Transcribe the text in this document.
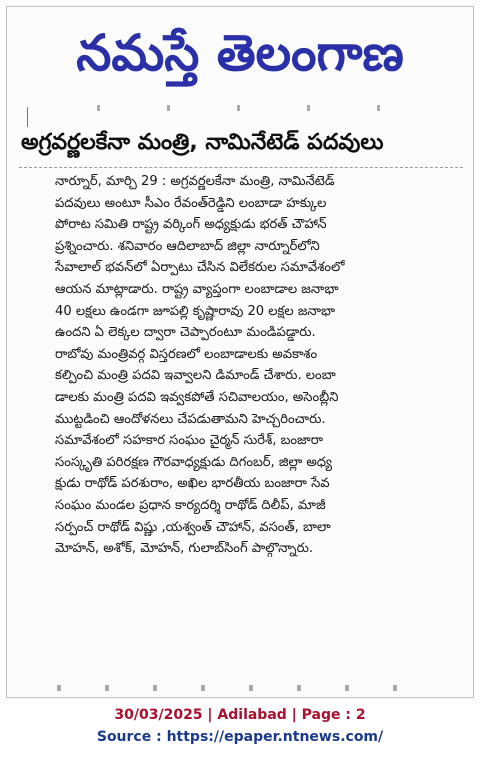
నమస్తే తెలంగాణ
అగ్రవర్ణలకేనా మంత్రి, నామినేటెడ్ పదవులు
నార్నూర్, మార్చి 29 : అగ్రవర్ణలకేనా మంత్రి, నామినేటెడ్
పదవులు అంటూ సీఎం రేవంత్‌రెడ్డిని లంబాడా హక్కుల
పోరాట సమితి రాష్ట్ర వర్కింగ్ అధ్యక్షుడు భరత్ చౌహాన్
ప్రశ్నించారు. శనివారం ఆదిలాబాద్ జిల్లా నార్నూర్‌లోని
సేవాలాల్ భవన్‌లో ఏర్పాటు చేసిన విలేకరుల సమావేశంలో
ఆయన మాట్లాడారు. రాష్ట్ర వ్యాప్తంగా లంబాడాల జనాభా
40 లక్షలు ఉండగా జూపల్లి కృష్ణారావు 20 లక్షల జనాభా
ఉందని ఏ లెక్కల ద్వారా చెప్పారంటూ మండిపడ్డారు.
రాబోవు మంత్రివర్గ విస్తరణలో లంబాడాలకు అవకాశం
కల్పించి మంత్రి పదవి ఇవ్వాలని డిమాండ్ చేశారు. లంబా
డాలకు మంత్రి పదవి ఇవ్వకపోతే సచివాలయం, అసెంబ్లీని
ముట్టడించి ఆందోళనలు చేపడుతామని హెచ్చరించారు.
సమావేశంలో సహకార సంఘం చైర్మన్ సురేశ్, బంజారా
సంస్కృతి పరిరక్షణ గౌరవాధ్యక్షుడు దిగంబర్, జిల్లా అధ్య
క్షుడు రాథోడ్ పరశురాం, అఖిల భారతీయ బంజారా సేవ
సంఘం మండల ప్రధాన కార్యదర్శి రాథోడ్ దిలీప్, మాజీ
సర్పంచ్ రాథోడ్ విష్ణు ,యశ్వంత్ చౌహాన్, వసంత్, బాలా
మోహన్, అశోక్, మోహన్, గులాబ్‌సింగ్ పాల్గొన్నారు.
30/03/2025 | Adilabad | Page : 2
Source : https://epaper.ntnews.com/
